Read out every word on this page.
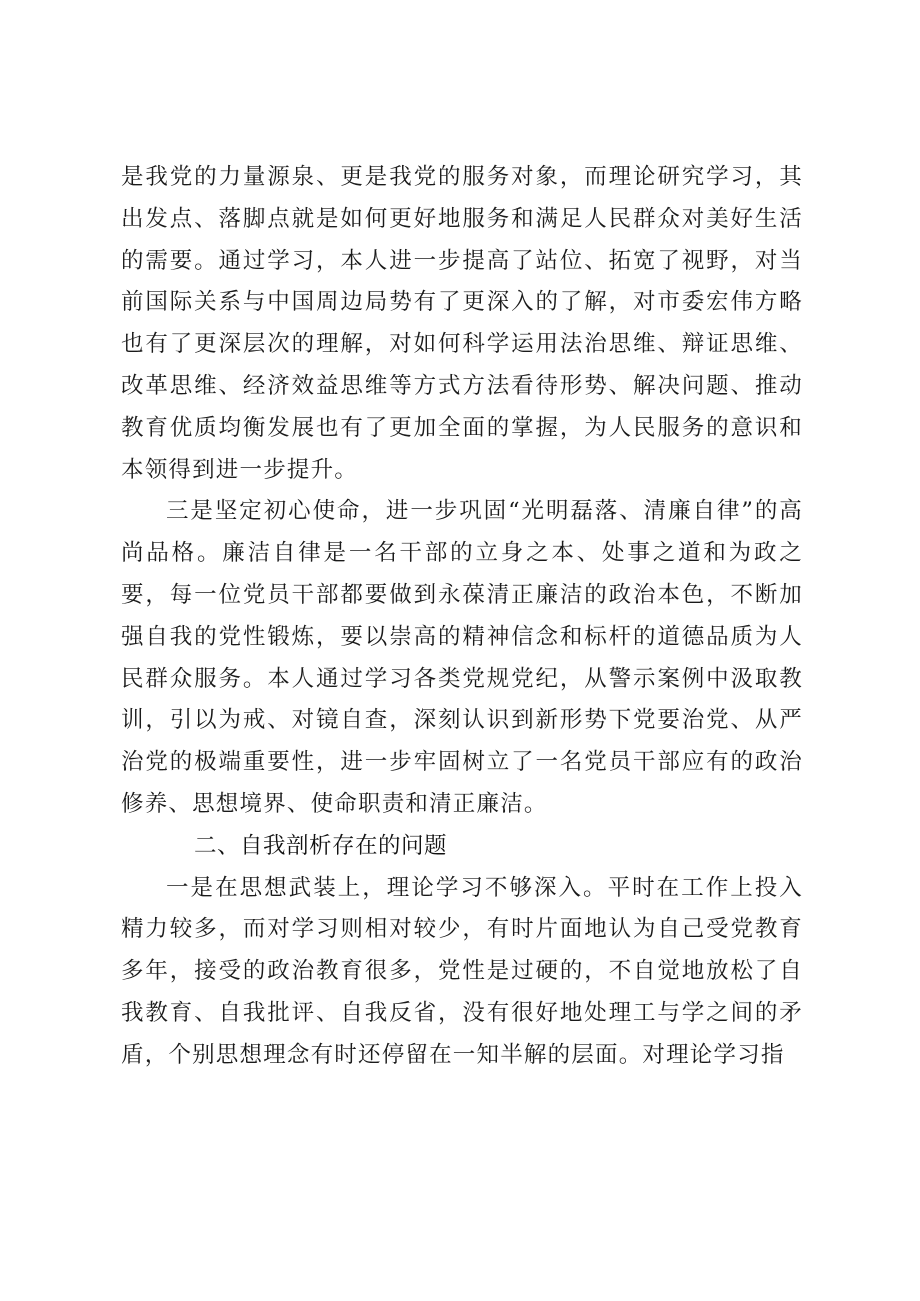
是我党的力量源泉、更是我党的服务对象，而理论研究学习，其出发点、落脚点就是如何更好地服务和满足人民群众对美好生活的需要。通过学习，本人进一步提高了站位、拓宽了视野，对当前国际关系与中国周边局势有了更深入的了解，对市委宏伟方略也有了更深层次的理解，对如何科学运用法治思维、辩证思维、改革思维、经济效益思维等方式方法看待形势、解决问题、推动教育优质均衡发展也有了更加全面的掌握，为人民服务的意识和本领得到进一步提升。

三是坚定初心使命，进一步巩固“光明磊落、清廉自律”的高尚品格。廉洁自律是一名干部的立身之本、处事之道和为政之要，每一位党员干部都要做到永葆清正廉洁的政治本色，不断加强自我的党性锻炼，要以崇高的精神信念和标杆的道德品质为人民群众服务。本人通过学习各类党规党纪，从警示案例中汲取教训，引以为戒、对镜自查，深刻认识到新形势下党要治党、从严治党的极端重要性，进一步牢固树立了一名党员干部应有的政治修养、思想境界、使命职责和清正廉洁。

二、自我剖析存在的问题

一是在思想武装上，理论学习不够深入。平时在工作上投入精力较多，而对学习则相对较少，有时片面地认为自己受党教育多年，接受的政治教育很多，党性是过硬的，不自觉地放松了自我教育、自我批评、自我反省，没有很好地处理工与学之间的矛盾，个别思想理念有时还停留在一知半解的层面。对理论学习指
